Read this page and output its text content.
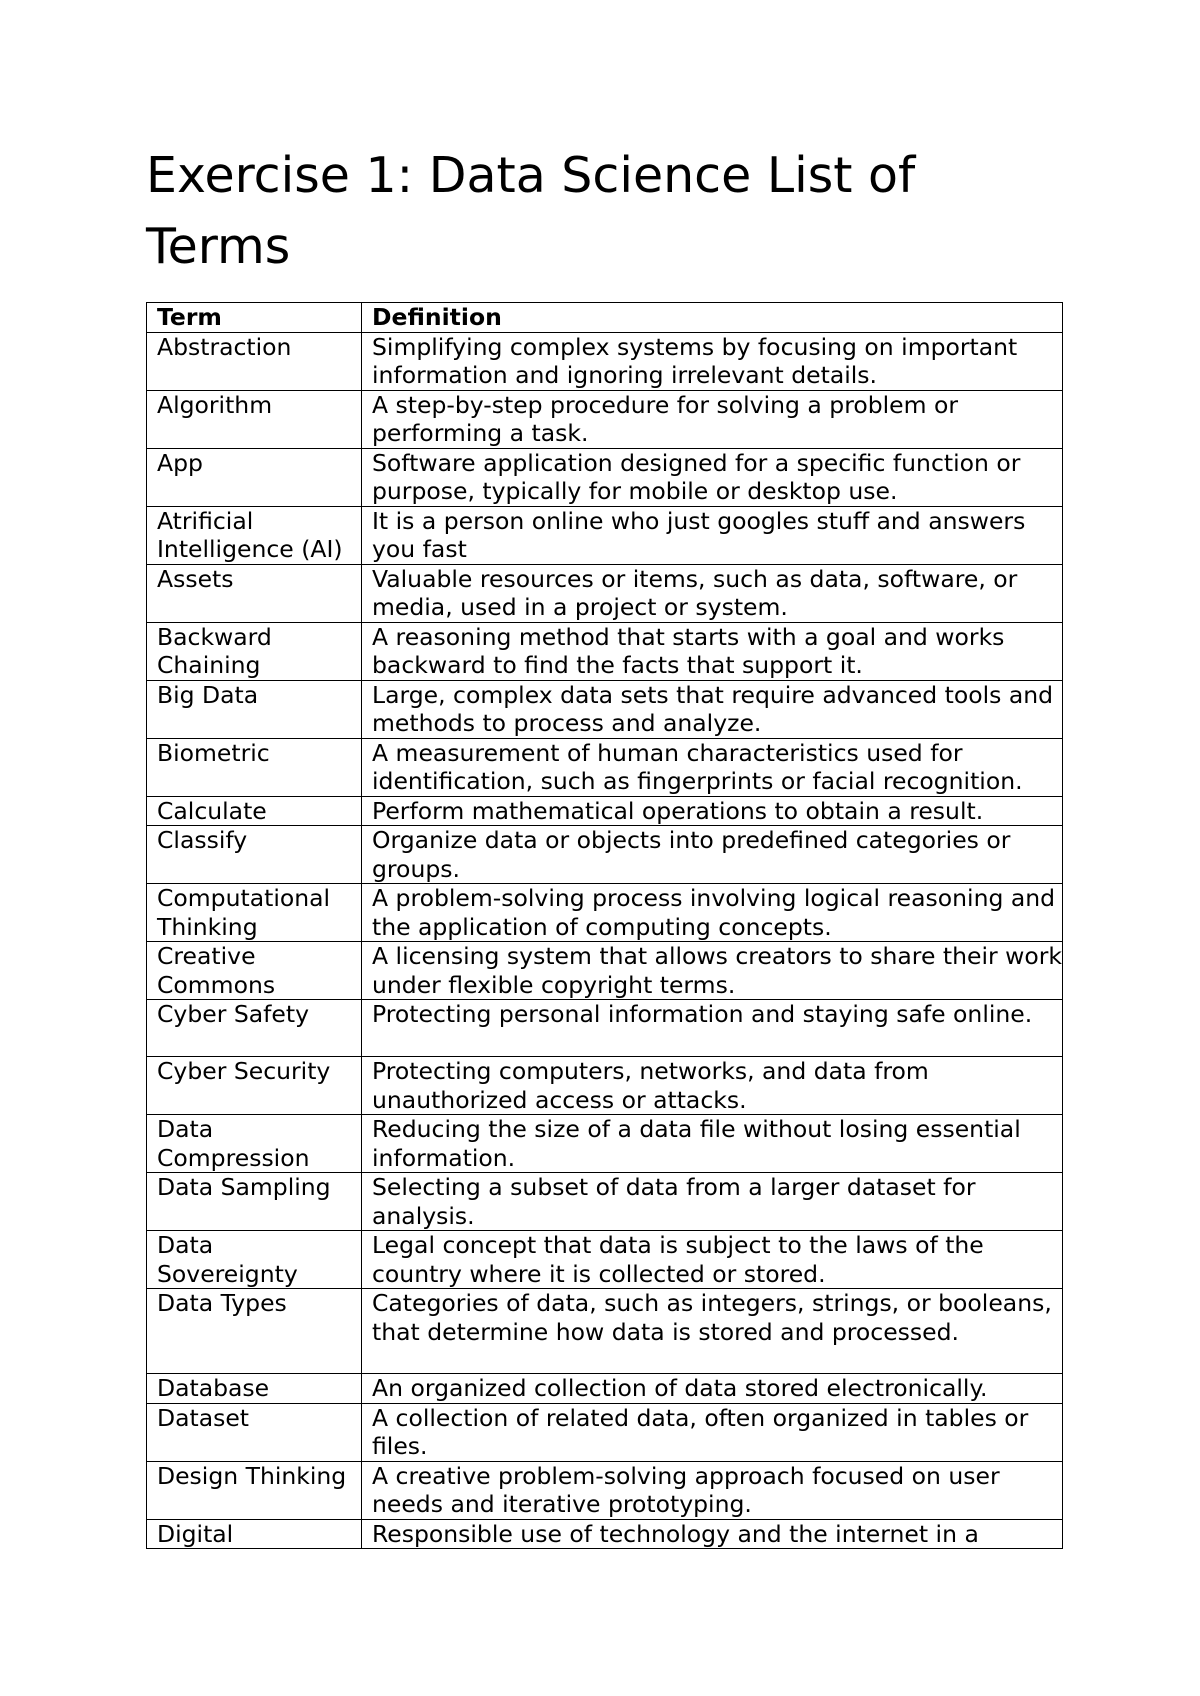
Exercise 1: Data Science List of Terms
Term	Definition
Abstraction	Simplifying complex systems by focusing on important information and ignoring irrelevant details.
Algorithm	A step-by-step procedure for solving a problem or performing a task.
App	Software application designed for a specific function or purpose, typically for mobile or desktop use.
Atrificial Intelligence (AI)	It is a person online who just googles stuff and answers you fast
Assets	Valuable resources or items, such as data, software, or media, used in a project or system.
Backward Chaining	A reasoning method that starts with a goal and works backward to find the facts that support it.
Big Data	Large, complex data sets that require advanced tools and methods to process and analyze.
Biometric	A measurement of human characteristics used for identification, such as fingerprints or facial recognition.
Calculate	Perform mathematical operations to obtain a result.
Classify	Organize data or objects into predefined categories or groups.
Computational Thinking	A problem-solving process involving logical reasoning and the application of computing concepts.
Creative Commons	A licensing system that allows creators to share their work under flexible copyright terms.
Cyber Safety	Protecting personal information and staying safe online.
Cyber Security	Protecting computers, networks, and data from unauthorized access or attacks.
Data Compression	Reducing the size of a data file without losing essential information.
Data Sampling	Selecting a subset of data from a larger dataset for analysis.
Data Sovereignty	Legal concept that data is subject to the laws of the country where it is collected or stored.
Data Types	Categories of data, such as integers, strings, or booleans, that determine how data is stored and processed.
Database	An organized collection of data stored electronically.
Dataset	A collection of related data, often organized in tables or files.
Design Thinking	A creative problem-solving approach focused on user needs and iterative prototyping.
Digital	Responsible use of technology and the internet in a
